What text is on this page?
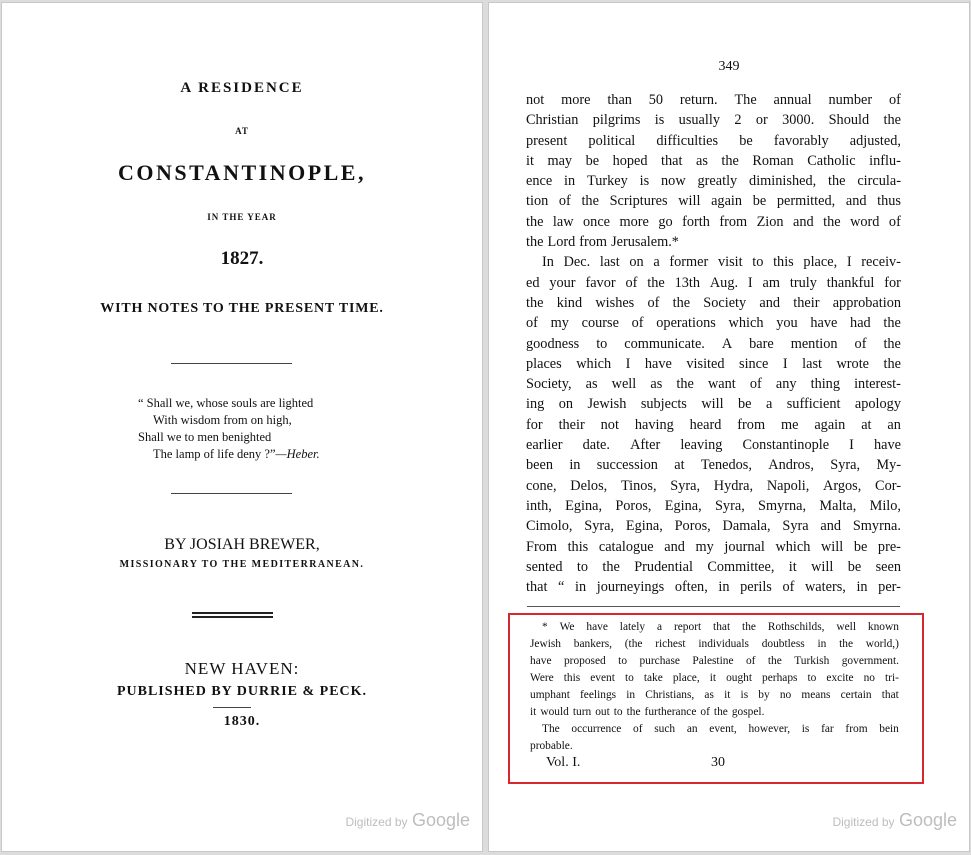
A RESIDENCE
AT
CONSTANTINOPLE,
IN THE YEAR
1827.
WITH NOTES TO THE PRESENT TIME.
“ Shall we, whose souls are lighted
With wisdom from on high,
Shall we to men benighted
The lamp of life deny ?”—Heber.
BY JOSIAH BREWER,
MISSIONARY TO THE MEDITERRANEAN.
NEW HAVEN:
PUBLISHED BY DURRIE & PECK.
1830.
Digitized by Google
349
not more than 50 return. The annual number of
Christian pilgrims is usually 2 or 3000. Should the
present political difficulties be favorably adjusted,
it may be hoped that as the Roman Catholic influ-
ence in Turkey is now greatly diminished, the circula-
tion of the Scriptures will again be permitted, and thus
the law once more go forth from Zion and the word of
the Lord from Jerusalem.*
In Dec. last on a former visit to this place, I receiv-
ed your favor of the 13th Aug. I am truly thankful for
the kind wishes of the Society and their approbation
of my course of operations which you have had the
goodness to communicate. A bare mention of the
places which I have visited since I last wrote the
Society, as well as the want of any thing interest-
ing on Jewish subjects will be a sufficient apology
for their not having heard from me again at an
earlier date. After leaving Constantinople I have
been in succession at Tenedos, Andros, Syra, My-
cone, Delos, Tinos, Syra, Hydra, Napoli, Argos, Cor-
inth, Egina, Poros, Egina, Syra, Smyrna, Malta, Milo,
Cimolo, Syra, Egina, Poros, Damala, Syra and Smyrna.
From this catalogue and my journal which will be pre-
sented to the Prudential Committee, it will be seen
that “ in journeyings often, in perils of waters, in per-
* We have lately a report that the Rothschilds, well known
Jewish bankers, (the richest individuals doubtless in the world,)
have proposed to purchase Palestine of the Turkish government.
Were this event to take place, it ought perhaps to excite no tri-
umphant feelings in Christians, as it is by no means certain that
it would turn out to the furtherance of the gospel.
The occurrence of such an event, however, is far from bein
probable.
Vol. I.	30
Digitized by Google
